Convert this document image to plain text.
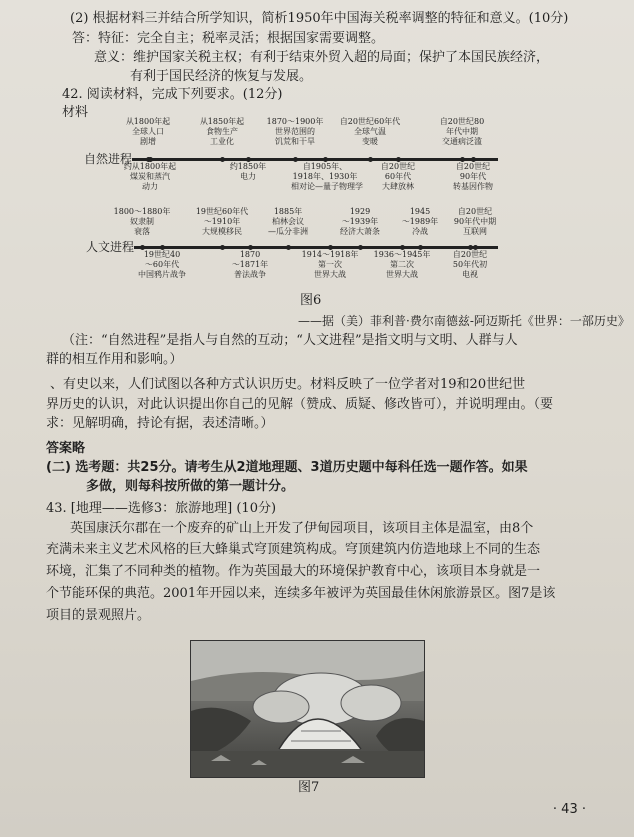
(2) 根据材料三并结合所学知识，简析1950年中国海关税率调整的特征和意义。(10分)
答：特征：完全自主；税率灵活；根据国家需要调整。
意义：维护国家关税主权；有利于结束外贸入超的局面；保护了本国民族经济，
有利于国民经济的恢复与发展。
42. 阅读材料，完成下列要求。(12分)
材料
自然进程
从1800年起
全球人口
剧增
从1850年起
食物生产
工业化
1870～1900年
世界范围的
饥荒和干旱
自20世纪60年代
全球气温
变暖
自20世纪80
年代中期
交通病泛滥
约从1800年起
煤炭和蒸汽
动力
约1850年
电力
自1905年、
1918年、1930年
相对论—量子物理学
自20世纪
60年代
大肆放林
自20世纪
90年代
转基因作物
人文进程
1800～1880年
奴隶制
衰落
19世纪60年代
～1910年
大规模移民
1885年
柏林会议
—瓜分非洲
1929
～1939年
经济大萧条
1945
～1989年
冷战
自20世纪
90年代中期
互联网
19世纪40
～60年代
中国鸦片战争
1870
～1871年
普法战争
1914～1918年
第一次
世界大战
1936～1945年
第二次
世界大战
自20世纪
50年代初
电视
图6
——据（美）菲利普·费尔南德兹-阿迈斯托《世界：一部历史》
（注：“自然进程”是指人与自然的互动；“人文进程”是指文明与文明、人群与人
群的相互作用和影响。）
、有史以来，人们试图以各种方式认识历史。材料反映了一位学者对19和20世纪世
界历史的认识，对此认识提出你自己的见解（赞成、质疑、修改皆可），并说明理由。（要
求：见解明确，持论有据，表述清晰。）
答案略
(二) 选考题：共25分。请考生从2道地理题、3道历史题中每科任选一题作答。如果
多做，则每科按所做的第一题计分。
43. [地理——选修3：旅游地理] (10分)
英国康沃尔郡在一个废弃的矿山上开发了伊甸园项目，该项目主体是温室，由8个
充满未来主义艺术风格的巨大蜂巢式穹顶建筑构成。穹顶建筑内仿造地球上不同的生态
环境，汇集了不同种类的植物。作为英国最大的环境保护教育中心，该项目本身就是一
个节能环保的典范。2001年开园以来，连续多年被评为英国最佳休闲旅游景区。图7是该
项目的景观照片。
图7
· 43 ·
